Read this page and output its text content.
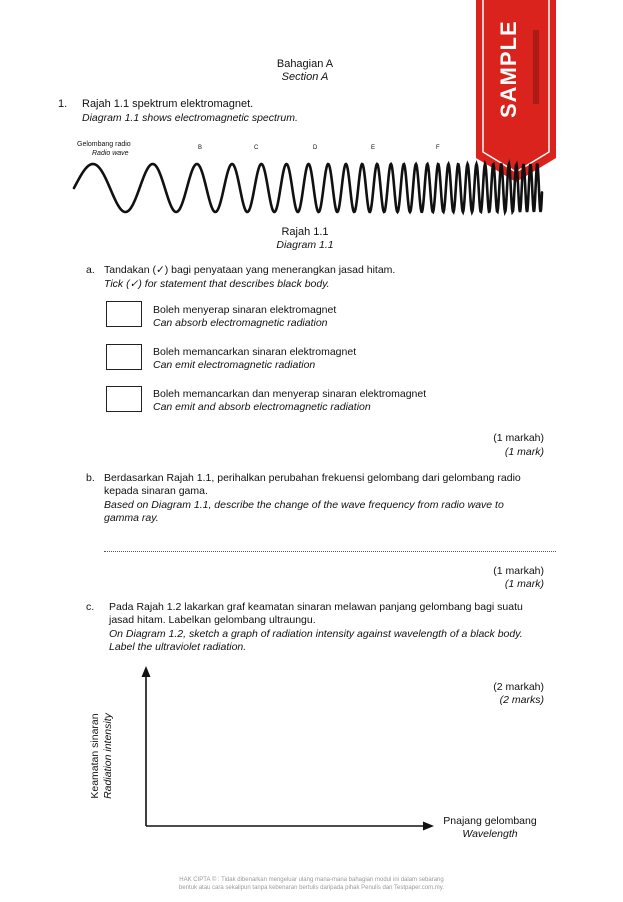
SAMPLE
Bahagian A
Section A
1. Rajah 1.1 spektrum elektromagnet.
Diagram 1.1 shows electromagnetic spectrum.
Gelombang radio
Radio wave
B	C	D	E	F
Rajah 1.1
Diagram 1.1
a. Tandakan (✓) bagi penyataan yang menerangkan jasad hitam.
Tick (✓) for statement that describes black body.
Boleh menyerap sinaran elektromagnet
Can absorb electromagnetic radiation
Boleh memancarkan sinaran elektromagnet
Can emit electromagnetic radiation
Boleh memancarkan dan menyerap sinaran elektromagnet
Can emit and absorb electromagnetic radiation
(1 markah)
(1 mark)
b. Berdasarkan Rajah 1.1, perihalkan perubahan frekuensi gelombang dari gelombang radio
kepada sinaran gama.
Based on Diagram 1.1, describe the change of the wave frequency from radio wave to
gamma ray.
(1 markah)
(1 mark)
c. Pada Rajah 1.2 lakarkan graf keamatan sinaran melawan panjang gelombang bagi suatu
jasad hitam. Labelkan gelombang ultraungu.
On Diagram 1.2, sketch a graph of radiation intensity against wavelength of a black body.
Label the ultraviolet radiation.
(2 markah)
(2 marks)
Keamatan sinaran Radiation intensity
Pnajang gelombang
Wavelength
HAK CIPTA © : Tidak dibenarkan mengeluar ulang mana-mana bahagian modul ini dalam sebarang
bentuk atau cara sekalipun tanpa kebenaran bertulis daripada pihak Penulis dan Testpaper.com.my.
